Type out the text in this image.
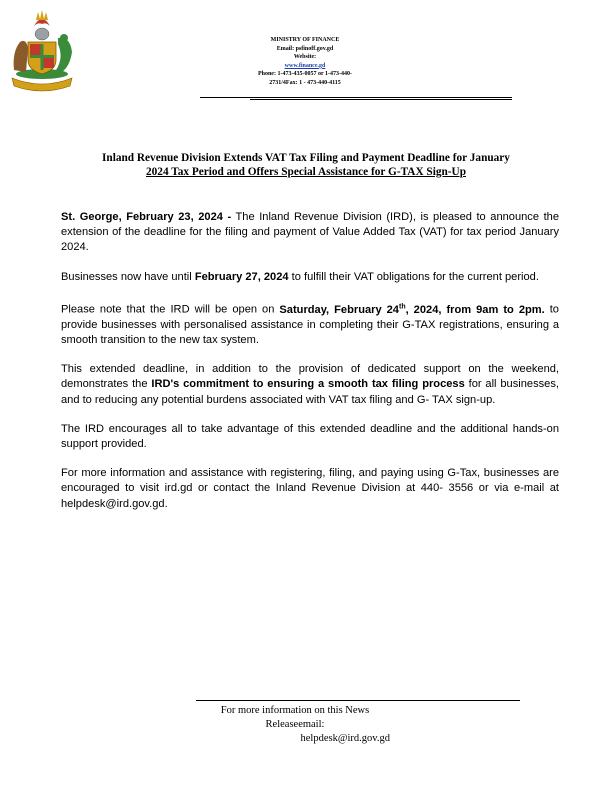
MINISTRY OF FINANCE
Email: psfinoff.gov.gd
Website:
www.finance.gd
Phone: 1-473-435-0057 or 1-473-440-
2731/4Fax: 1 - 473-440-4115
Inland Revenue Division Extends VAT Tax Filing and Payment Deadline for January
2024 Tax Period and Offers Special Assistance for G-TAX Sign-Up

St. George, February 23, 2024 - The Inland Revenue Division (IRD), is pleased to announce the extension of the deadline for the filing and payment of Value Added Tax (VAT) for tax period January 2024.

Businesses now have until February 27, 2024 to fulfill their VAT obligations for the current period.

Please note that the IRD will be open on Saturday, February 24th, 2024, from 9am to 2pm. to provide businesses with personalised assistance in completing their G-TAX registrations, ensuring a smooth transition to the new tax system.

This extended deadline, in addition to the provision of dedicated support on the weekend, demonstrates the IRD's commitment to ensuring a smooth tax filing process for all businesses, and to reducing any potential burdens associated with VAT tax filing and G- TAX sign-up.

The IRD encourages all to take advantage of this extended deadline and the additional hands-on support provided.

For more information and assistance with registering, filing, and paying using G-Tax, businesses are encouraged to visit ird.gd or contact the Inland Revenue Division at 440- 3556 or via e-mail at helpdesk@ird.gov.gd.

For more information on this News
Releaseemail:
helpdesk@ird.gov.gd
